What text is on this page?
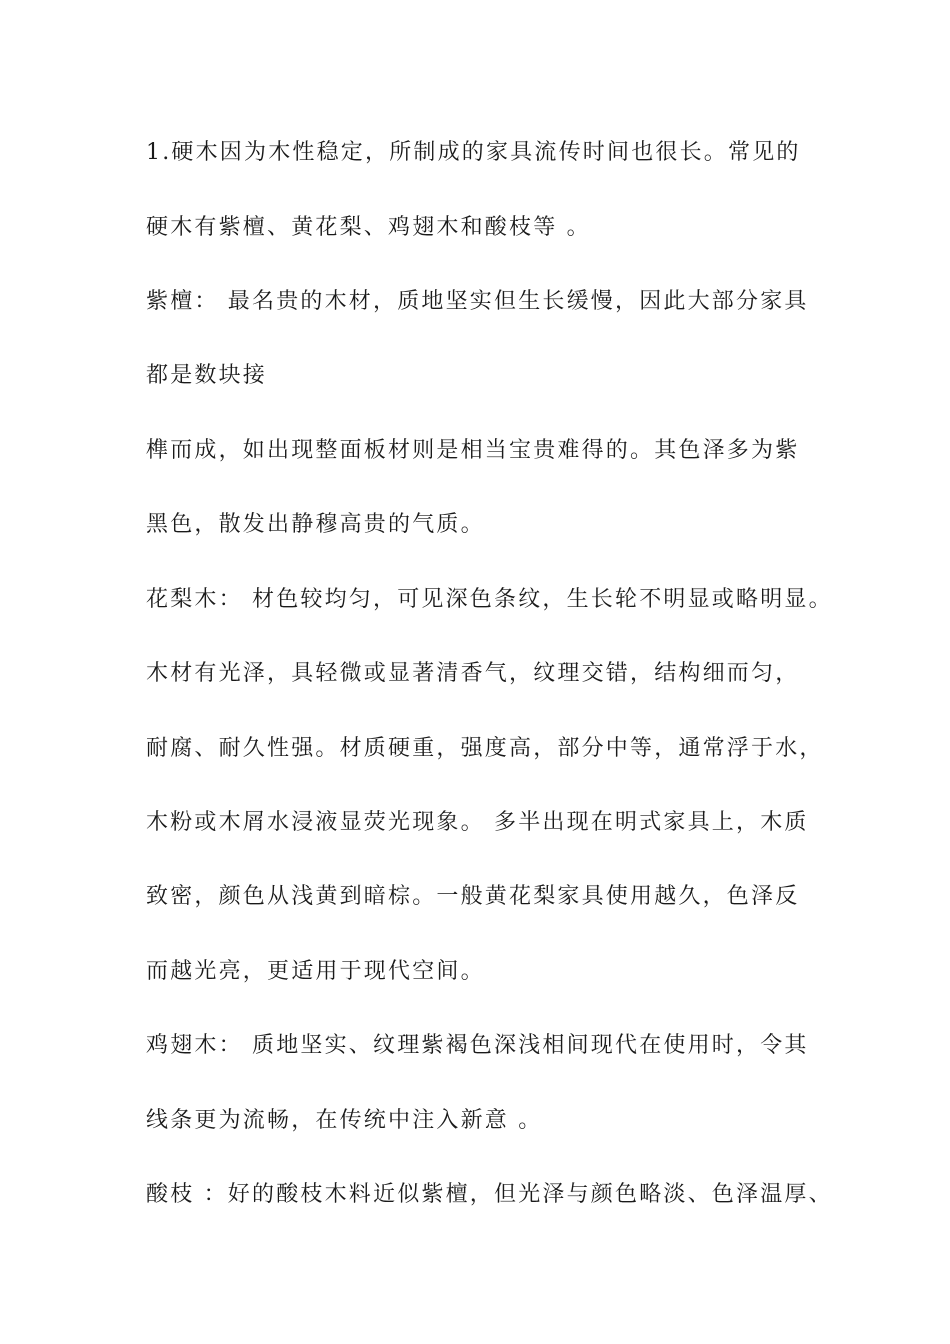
1.硬木因为木性稳定，所制成的家具流传时间也很长。常见的
硬木有紫檀、黄花梨、鸡翅木和酸枝等 。
紫檀： 最名贵的木材，质地坚实但生长缓慢，因此大部分家具
都是数块接
榫而成，如出现整面板材则是相当宝贵难得的。其色泽多为紫
黑色，散发出静穆高贵的气质。
花梨木： 材色较均匀，可见深色条纹，生长轮不明显或略明显。
木材有光泽，具轻微或显著清香气，纹理交错，结构细而匀，
耐腐、耐久性强。材质硬重，强度高，部分中等，通常浮于水，
木粉或木屑水浸液显荧光现象。 多半出现在明式家具上，木质
致密，颜色从浅黄到暗棕。一般黄花梨家具使用越久，色泽反
而越光亮，更适用于现代空间。
鸡翅木： 质地坚实、纹理紫褐色深浅相间现代在使用时，令其
线条更为流畅，在传统中注入新意 。
酸枝 ：好的酸枝木料近似紫檀，但光泽与颜色略淡、色泽温厚、
